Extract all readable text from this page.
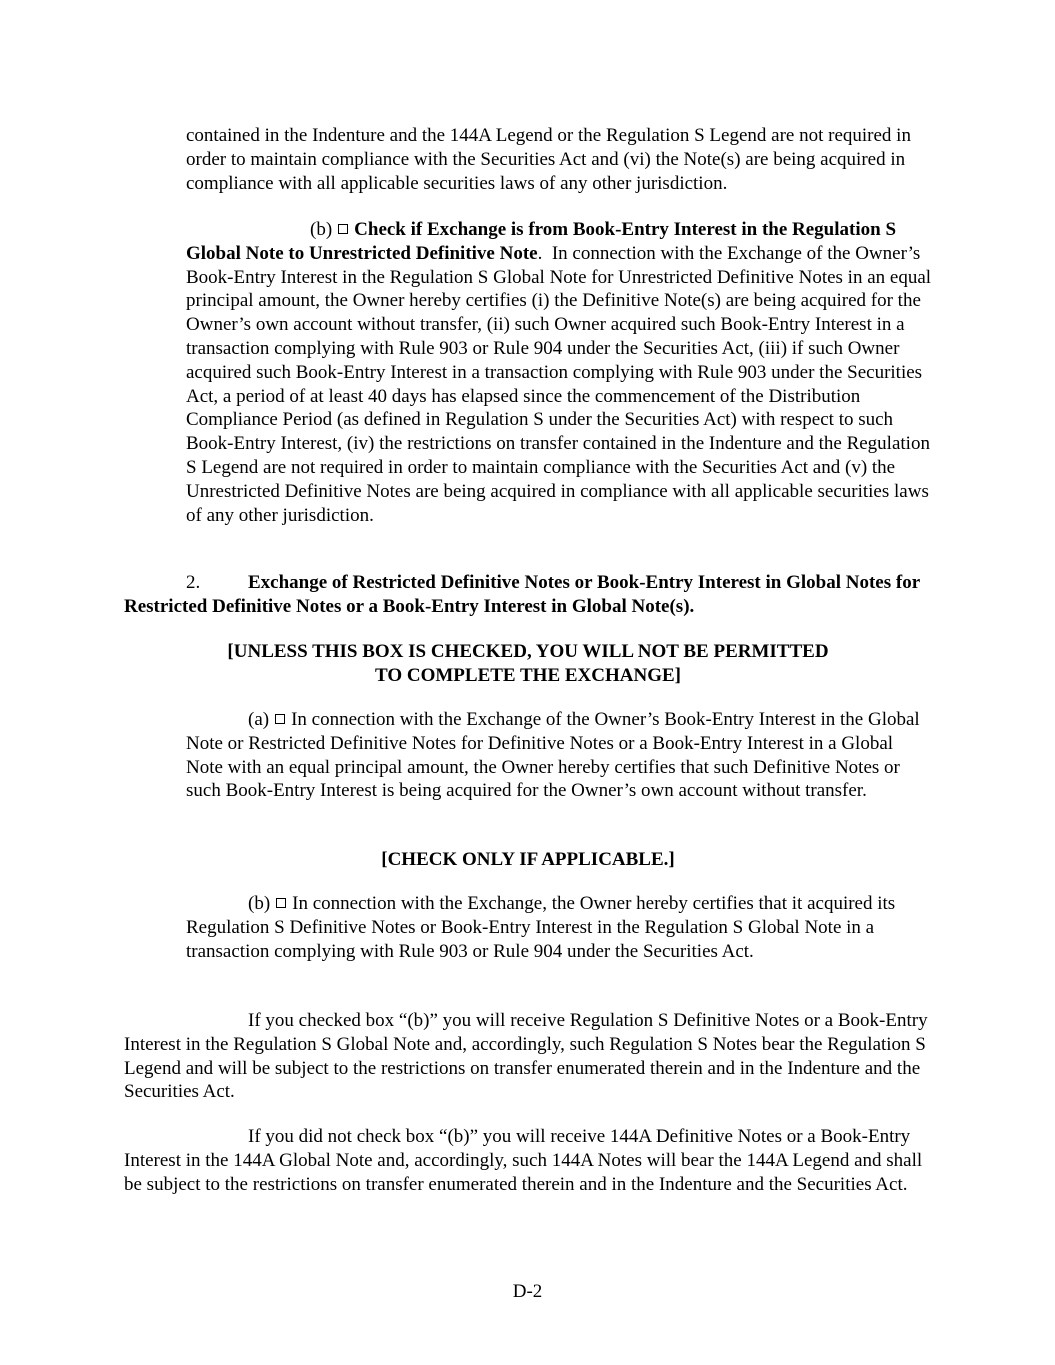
contained in the Indenture and the 144A Legend or the Regulation S Legend are not required in order to maintain compliance with the Securities Act and (vi) the Note(s) are being acquired in compliance with all applicable securities laws of any other jurisdiction.

(b) Check if Exchange is from Book-Entry Interest in the Regulation S Global Note to Unrestricted Definitive Note. In connection with the Exchange of the Owner’s Book-Entry Interest in the Regulation S Global Note for Unrestricted Definitive Notes in an equal principal amount, the Owner hereby certifies (i) the Definitive Note(s) are being acquired for the Owner’s own account without transfer, (ii) such Owner acquired such Book-Entry Interest in a transaction complying with Rule 903 or Rule 904 under the Securities Act, (iii) if such Owner acquired such Book-Entry Interest in a transaction complying with Rule 903 under the Securities Act, a period of at least 40 days has elapsed since the commencement of the Distribution Compliance Period (as defined in Regulation S under the Securities Act) with respect to such Book-Entry Interest, (iv) the restrictions on transfer contained in the Indenture and the Regulation S Legend are not required in order to maintain compliance with the Securities Act and (v) the Unrestricted Definitive Notes are being acquired in compliance with all applicable securities laws of any other jurisdiction.

2.	Exchange of Restricted Definitive Notes or Book-Entry Interest in Global Notes for Restricted Definitive Notes or a Book-Entry Interest in Global Note(s).

[UNLESS THIS BOX IS CHECKED, YOU WILL NOT BE PERMITTED
TO COMPLETE THE EXCHANGE]

(a) In connection with the Exchange of the Owner’s Book-Entry Interest in the Global Note or Restricted Definitive Notes for Definitive Notes or a Book-Entry Interest in a Global Note with an equal principal amount, the Owner hereby certifies that such Definitive Notes or such Book-Entry Interest is being acquired for the Owner’s own account without transfer.

[CHECK ONLY IF APPLICABLE.]

(b) In connection with the Exchange, the Owner hereby certifies that it acquired its Regulation S Definitive Notes or Book-Entry Interest in the Regulation S Global Note in a transaction complying with Rule 903 or Rule 904 under the Securities Act.

If you checked box “(b)” you will receive Regulation S Definitive Notes or a Book-Entry Interest in the Regulation S Global Note and, accordingly, such Regulation S Notes bear the Regulation S Legend and will be subject to the restrictions on transfer enumerated therein and in the Indenture and the Securities Act.

If you did not check box “(b)” you will receive 144A Definitive Notes or a Book-Entry Interest in the 144A Global Note and, accordingly, such 144A Notes will bear the 144A Legend and shall be subject to the restrictions on transfer enumerated therein and in the Indenture and the Securities Act.

D-2
